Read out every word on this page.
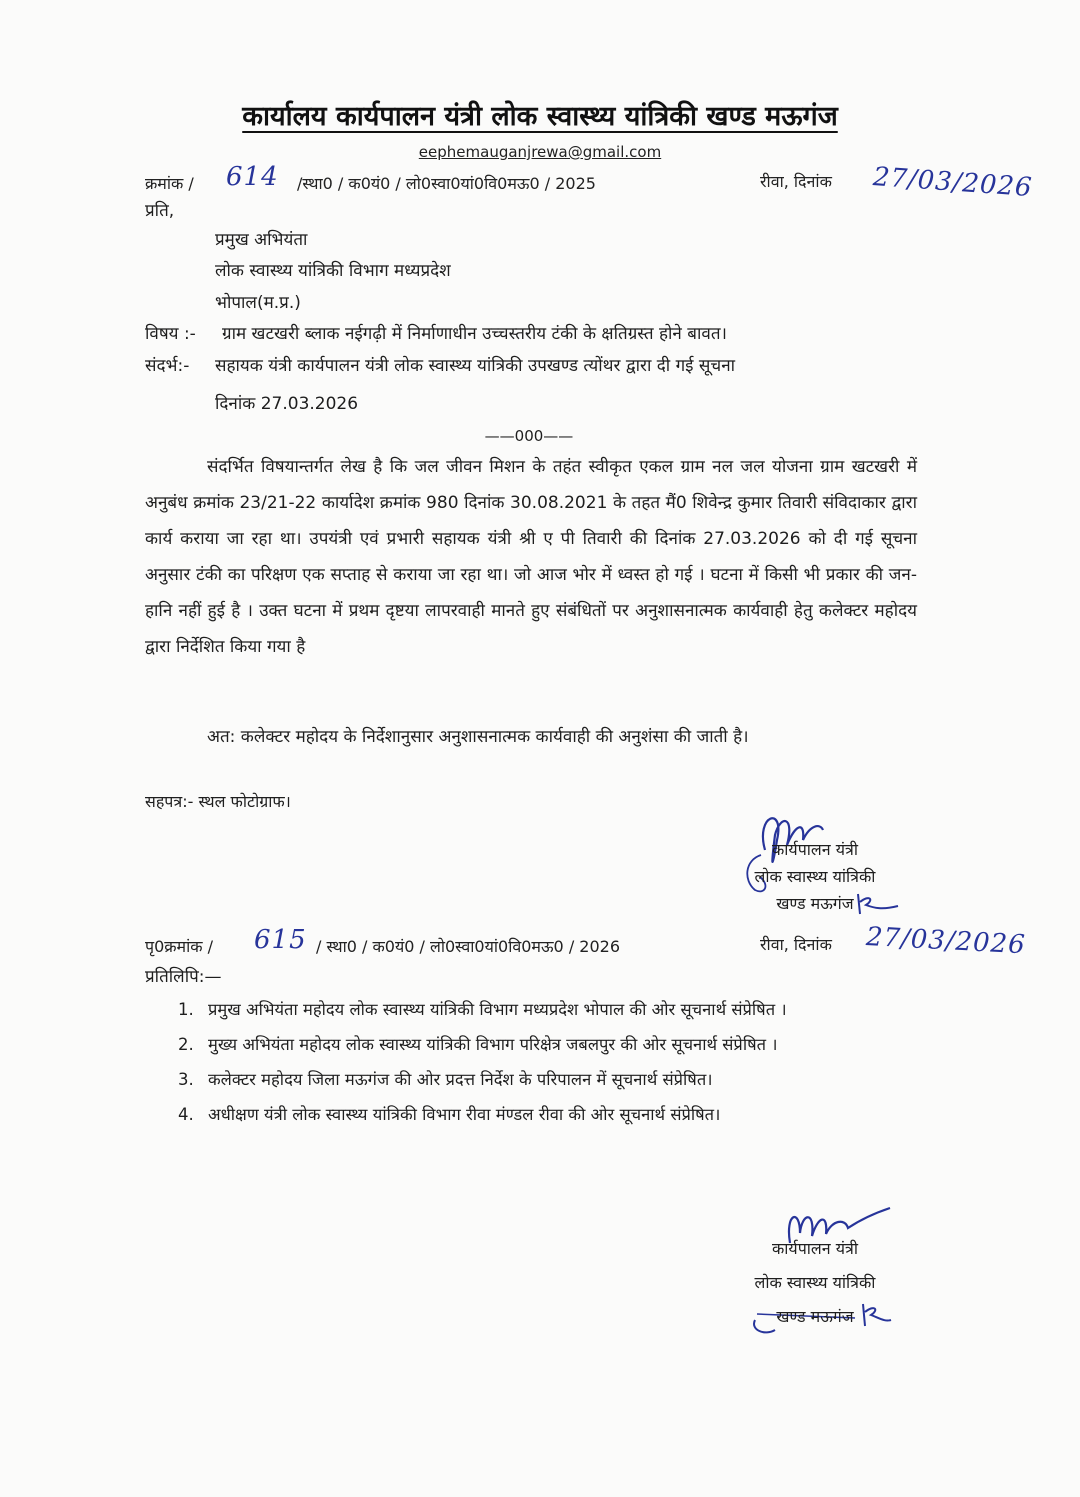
कार्यालय कार्यपालन यंत्री लोक स्वास्थ्य यांत्रिकी खण्ड मऊगंज
eephemauganjrewa@gmail.com
क्रमांक / 614 /स्था0 / क0यं0 / लो0स्वा0यां0वि0मऊ0 / 2025	रीवा, दिनांक 27/03/2026
प्रति,
प्रमुख अभियंता
लोक स्वास्थ्य यांत्रिकी विभाग मध्यप्रदेश
भोपाल(म.प्र.)
विषय :- ग्राम खटखरी ब्लाक नईगढ़ी में निर्माणाधीन उच्चस्तरीय टंकी के क्षतिग्रस्त होने बावत।
संदर्भ:- सहायक यंत्री कार्यपालन यंत्री लोक स्वास्थ्य यांत्रिकी उपखण्ड त्योंथर द्वारा दी गई सूचना
दिनांक 27.03.2026
——000——
संदर्भित विषयान्तर्गत लेख है कि जल जीवन मिशन के तहंत स्वीकृत एकल ग्राम नल जल योजना ग्राम खटखरी में अनुबंध क्रमांक 23/21-22 कार्यादेश क्रमांक 980 दिनांक 30.08.2021 के तहत मैं0 शिवेन्द्र कुमार तिवारी संविदाकार द्वारा कार्य कराया जा रहा था। उपयंत्री एवं प्रभारी सहायक यंत्री श्री ए पी तिवारी की दिनांक 27.03.2026 को दी गई सूचना अनुसार टंकी का परिक्षण एक सप्ताह से कराया जा रहा था। जो आज भोर में ध्वस्त हो गई । घटना में किसी भी प्रकार की जन-हानि नहीं हुई है । उक्त घटना में प्रथम दृष्टया लापरवाही मानते हुए संबंधितों पर अनुशासनात्मक कार्यवाही हेतु कलेक्टर महोदय द्वारा निर्देशित किया गया है
अत: कलेक्टर महोदय के निर्देशानुसार अनुशासनात्मक कार्यवाही की अनुशंसा की जाती है।
सहपत्र:- स्थल फोटोग्राफ।
कार्यपालन यंत्री
लोक स्वास्थ्य यांत्रिकी
खण्ड मऊगंज
पृ0क्रमांक / 615 / स्था0 / क0यं0 / लो0स्वा0यां0वि0मऊ0 / 2026	रीवा, दिनांक 27/03/2026
प्रतिलिपि:—
1. प्रमुख अभियंता महोदय लोक स्वास्थ्य यांत्रिकी विभाग मध्यप्रदेश भोपाल की ओर सूचनार्थ संप्रेषित ।
2. मुख्य अभियंता महोदय लोक स्वास्थ्य यांत्रिकी विभाग परिक्षेत्र जबलपुर की ओर सूचनार्थ संप्रेषित ।
3. कलेक्टर महोदय जिला मऊगंज की ओर प्रदत्त निर्देश के परिपालन में सूचनार्थ संप्रेषित।
4. अधीक्षण यंत्री लोक स्वास्थ्य यांत्रिकी विभाग रीवा मंण्डल रीवा की ओर सूचनार्थ संप्रेषित।
कार्यपालन यंत्री
लोक स्वास्थ्य यांत्रिकी
खण्ड मऊगंज
